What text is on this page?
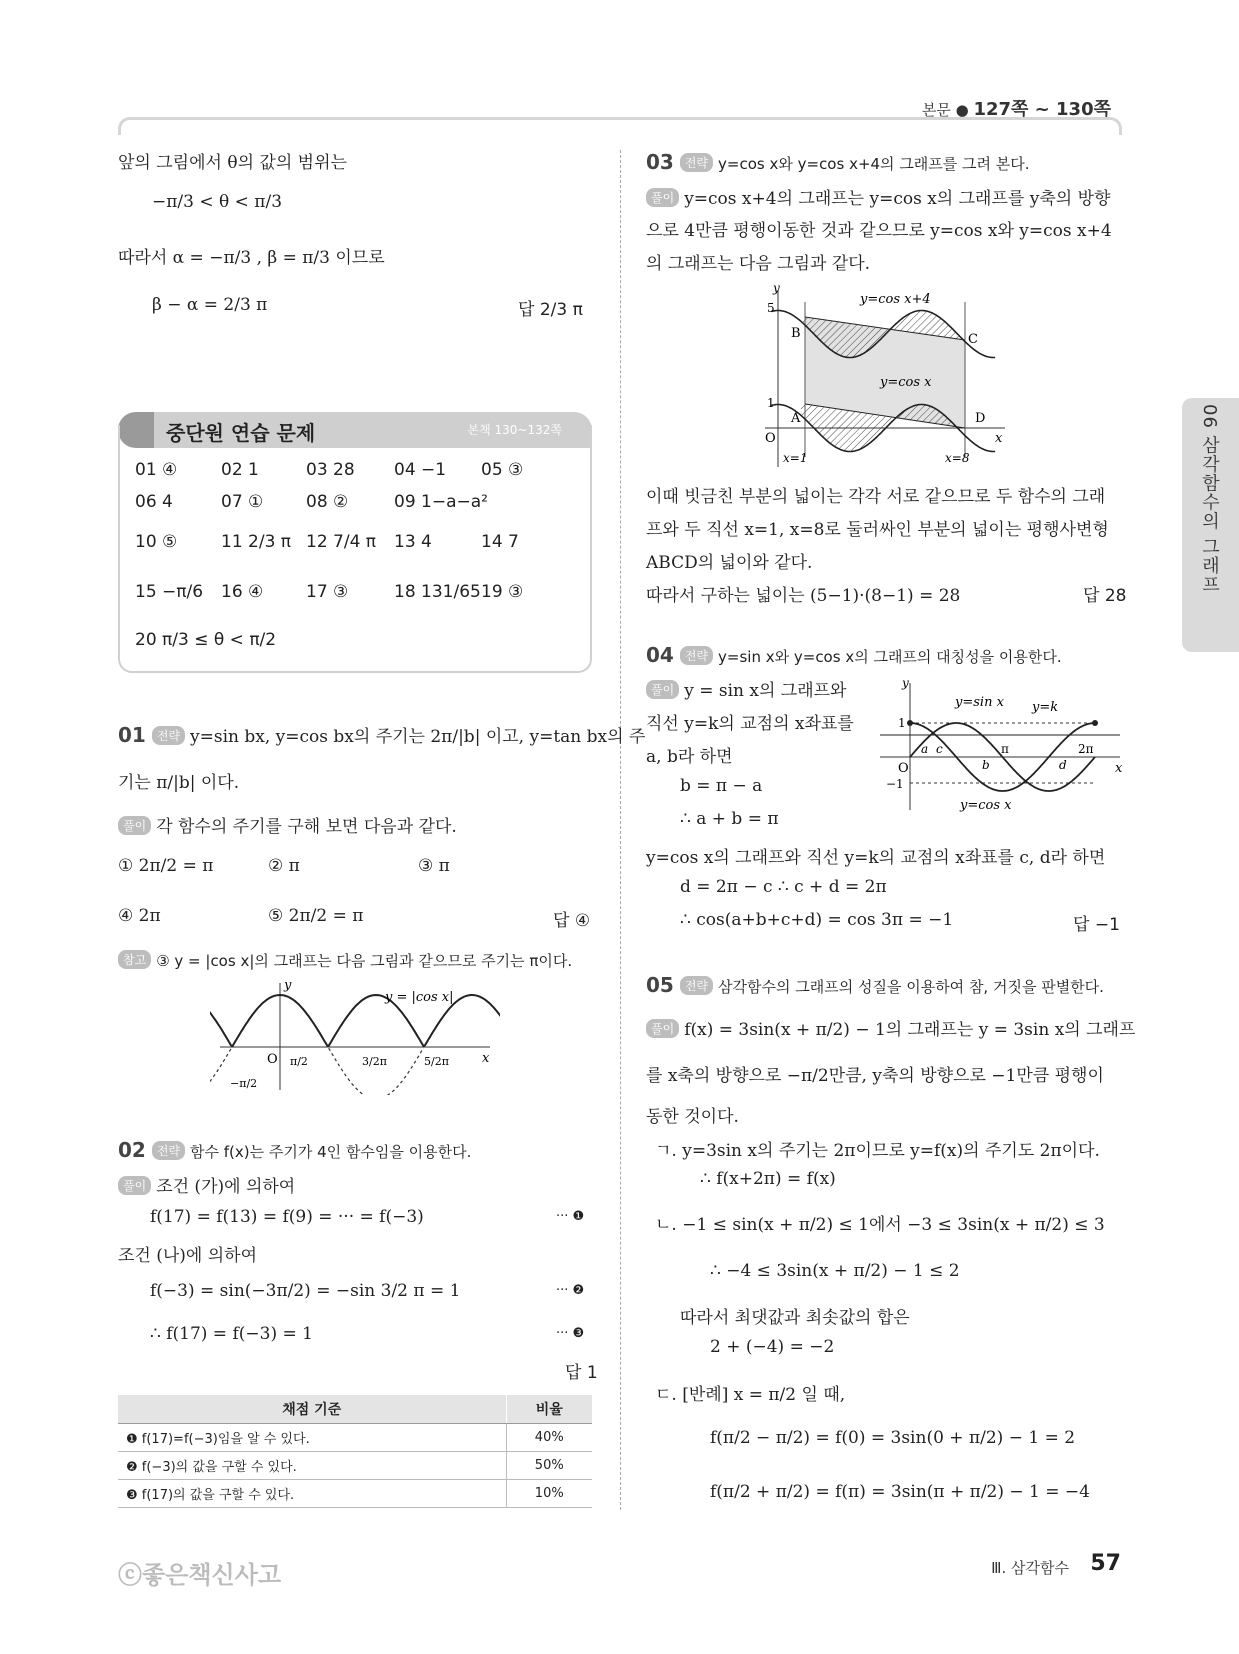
본문 ● 127쪽 ~ 130쪽
06 삼각함수의 그래프
앞의 그림에서 θ의 값의 범위는
−π/3 < θ < π/3
따라서 α = −π/3 , β = π/3 이므로
β − α = 2/3 π	답 2/3 π
중단원 연습 문제	본책 130~132쪽
01 ④	02 1	03 28 04 −1 05 ③
06 4	07 ①	08 ②	09 1−a−a²
10 ⑤	11 2/3 π 12 7/4 π 13 4	14 7
15 −π/6 16 ④	17 ③	18 131/65 19 ③
20 π/3 ≤ θ < π/2
01 전략 y=sin bx, y=cos bx의 주기는 2π/|b| 이고, y=tan bx의 주
기는 π/|b| 이다.
풀이 각 함수의 주기를 구해 보면 다음과 같다.
① 2π/2 = π	② π	③ π
④ 2π	⑤ 2π/2 = π	답 ④
참고 ③ y = |cos x|의 그래프는 다음 그림과 같으므로 주기는 π이다.
y = |cos x|
O	x
y
π/2	3/2π	5/2π
−π/2
02 전략 함수 f(x)는 주기가 4인 함수임을 이용한다.
풀이 조건 (가)에 의하여
f(17) = f(13) = f(9) = ··· = f(−3)	··· ❶
조건 (나)에 의하여
f(−3) = sin(−3π/2) = −sin 3/2 π = 1	··· ❷
∴ f(17) = f(−3) = 1	··· ❸
답 1
채점 기준	비율
❶ f(17)=f(−3)임을 알 수 있다.	40%
❷ f(−3)의 값을 구할 수 있다.	50%
❸ f(17)의 값을 구할 수 있다.	10%
03 전략 y=cos x와 y=cos x+4의 그래프를 그려 본다.
풀이 y=cos x+4의 그래프는 y=cos x의 그래프를 y축의 방향
으로 4만큼 평행이동한 것과 같으므로 y=cos x와 y=cos x+4
의 그래프는 다음 그림과 같다.
y=cos x+4
y=cos x
5
1
O
y
x
B	C
A	D
x=1	x=8
이때 빗금친 부분의 넓이는 각각 서로 같으므로 두 함수의 그래
프와 두 직선 x=1, x=8로 둘러싸인 부분의 넓이는 평행사변형
ABCD의 넓이와 같다.
따라서 구하는 넓이는 (5−1)·(8−1) = 28	답 28
04 전략 y=sin x와 y=cos x의 그래프의 대칭성을 이용한다.
풀이 y = sin x의 그래프와
직선 y=k의 교점의 x좌표를
a, b라 하면
b = π − a
∴ a + b = π
y=sin x y=k
y=cos x
1
−1
O	x
y
a c
b
π
d
2π
y=cos x의 그래프와 직선 y=k의 교점의 x좌표를 c, d라 하면
d = 2π − c ∴ c + d = 2π
∴ cos(a+b+c+d) = cos 3π = −1	답 −1
05 전략 삼각함수의 그래프의 성질을 이용하여 참, 거짓을 판별한다.
풀이 f(x) = 3sin(x + π/2) − 1의 그래프는 y = 3sin x의 그래프
를 x축의 방향으로 −π/2만큼, y축의 방향으로 −1만큼 평행이
동한 것이다.
ㄱ. y=3sin x의 주기는 2π이므로 y=f(x)의 주기도 2π이다.
∴ f(x+2π) = f(x)
ㄴ. −1 ≤ sin(x + π/2) ≤ 1에서 −3 ≤ 3sin(x + π/2) ≤ 3
∴ −4 ≤ 3sin(x + π/2) − 1 ≤ 2
따라서 최댓값과 최솟값의 합은
2 + (−4) = −2
ㄷ. [반례] x = π/2 일 때,
f(π/2 − π/2) = f(0) = 3sin(0 + π/2) − 1 = 2
f(π/2 + π/2) = f(π) = 3sin(π + π/2) − 1 = −4
ⓒ좋은책신사고	Ⅲ. 삼각함수 57
